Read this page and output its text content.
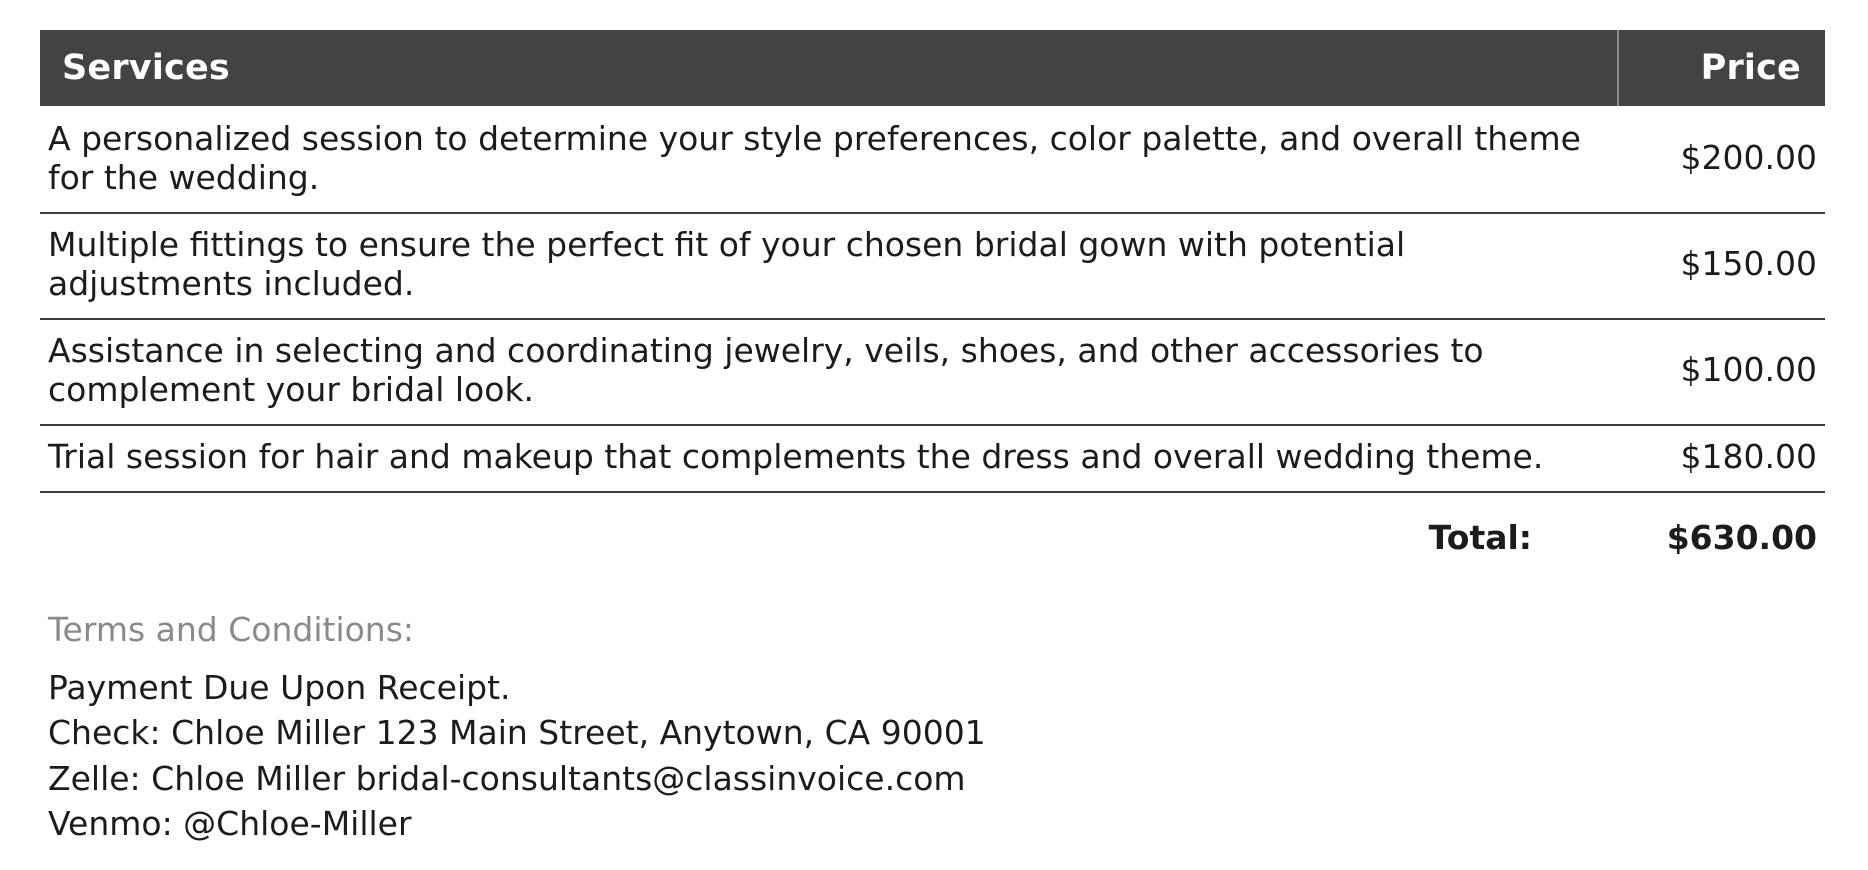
Services	Price
A personalized session to determine your style preferences, color palette, and overall theme for the wedding.	$200.00
Multiple fittings to ensure the perfect fit of your chosen bridal gown with potential adjustments included.	$150.00
Assistance in selecting and coordinating jewelry, veils, shoes, and other accessories to complement your bridal look.	$100.00
Trial session for hair and makeup that complements the dress and overall wedding theme.	$180.00
Total:	$630.00
Terms and Conditions:
Payment Due Upon Receipt.
Check: Chloe Miller 123 Main Street, Anytown, CA 90001
Zelle: Chloe Miller bridal-consultants@classinvoice.com
Venmo: @Chloe-Miller
